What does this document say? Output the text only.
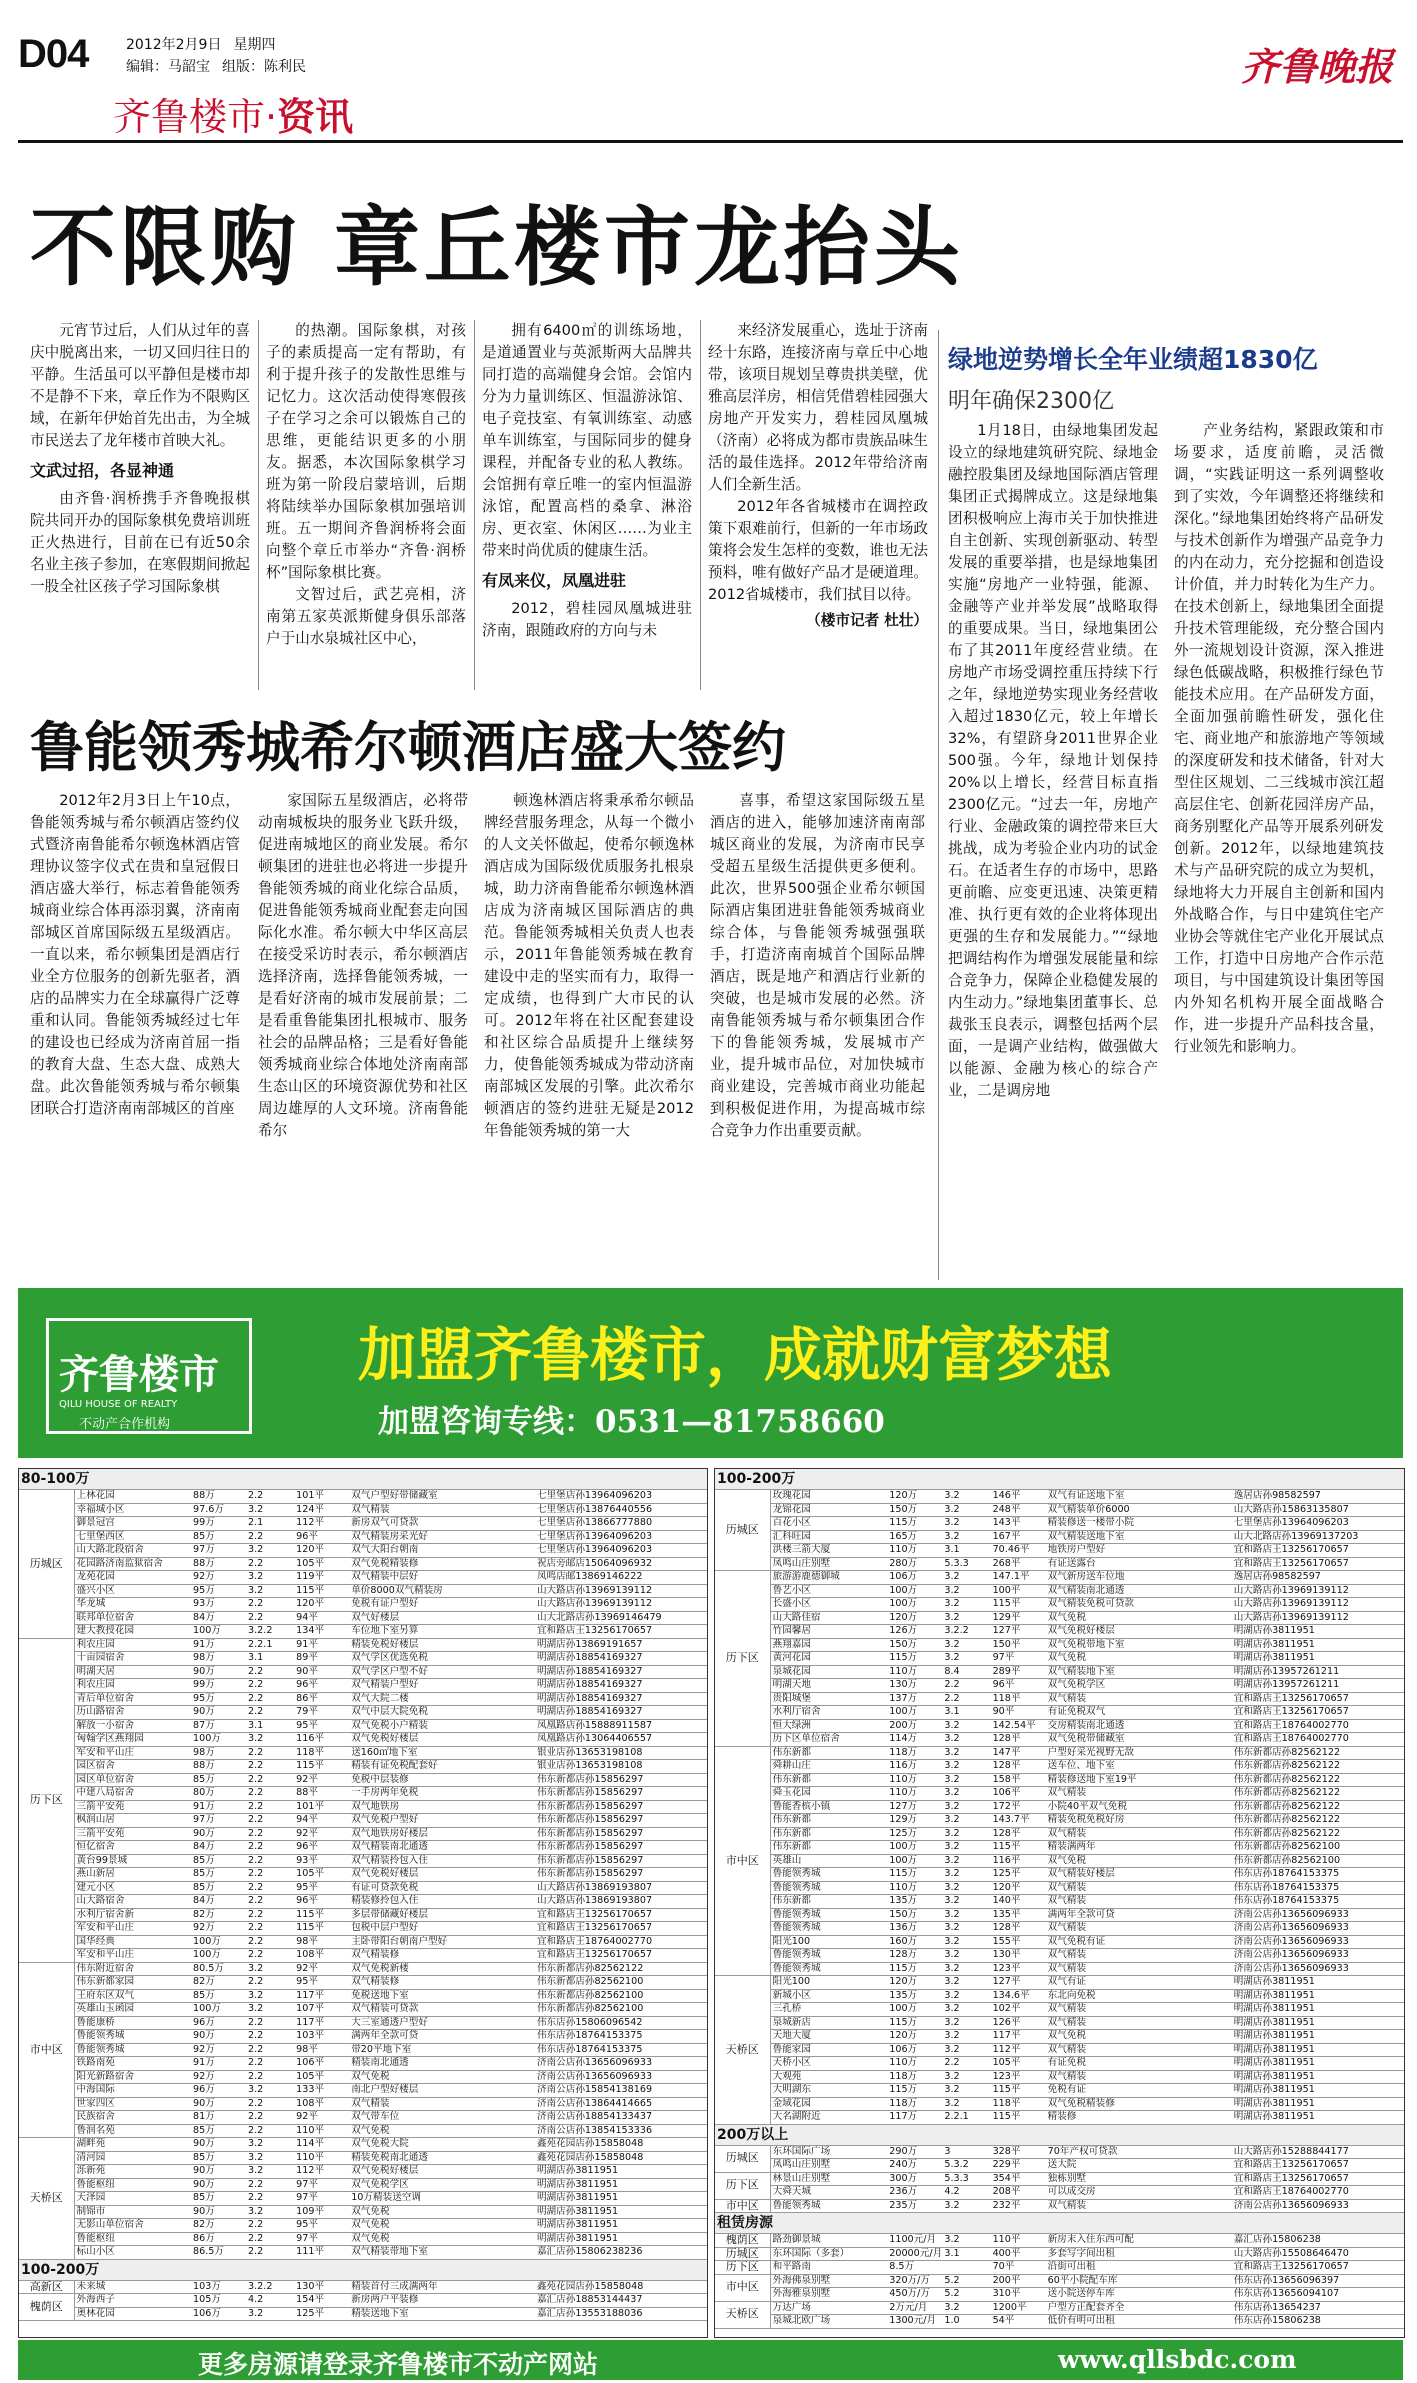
D04	2012年2月9日 星期四
编辑：马韶宝 组版：陈利民	齐鲁晚报
齐鲁楼市·资讯
不限购 章丘楼市龙抬头

元宵节过后，人们从过年的喜庆中脱离出来，一切又回归往日的平静。生活虽可以平静但是楼市却不是静不下来，章丘作为不限购区域，在新年伊始首先出击，为全城市民送去了龙年楼市首映大礼。

文武过招，各显神通

由齐鲁·润桥携手齐鲁晚报棋院共同开办的国际象棋免费培训班正火热进行，目前在已有近50余名业主孩子参加，在寒假期间掀起一股全社区孩子学习国际象棋

的热潮。国际象棋，对孩子的素质提高一定有帮助，有利于提升孩子的发散性思维与记忆力。这次活动使得寒假孩子在学习之余可以锻炼自己的思维，更能结识更多的小朋友。据悉，本次国际象棋学习班为第一阶段启蒙培训，后期将陆续举办国际象棋加强培训班。五一期间齐鲁润桥将会面向整个章丘市举办“齐鲁·润桥杯”国际象棋比赛。

文智过后，武艺亮相，济南第五家英派斯健身俱乐部落户于山水泉城社区中心，

拥有6400㎡的训练场地，是道通置业与英派斯两大品牌共同打造的高端健身会馆。会馆内分为力量训练区、恒温游泳馆、电子竞技室、有氧训练室、动感单车训练室，与国际同步的健身课程，并配备专业的私人教练。会馆拥有章丘唯一的室内恒温游泳馆，配置高档的桑拿、淋浴房、更衣室、休闲区……为业主带来时尚优质的健康生活。

有凤来仪，凤凰进驻

2012，碧桂园凤凰城进驻济南，跟随政府的方向与未

来经济发展重心，选址于济南经十东路，连接济南与章丘中心地带，该项目规划呈尊贵拱美壁，优雅高层洋房，相信凭借碧桂园强大房地产开发实力，碧桂园凤凰城（济南）必将成为都市贵族品味生活的最佳选择。2012年带给济南人们全新生活。

2012年各省城楼市在调控政策下艰难前行，但新的一年市场政策将会发生怎样的变数，谁也无法预料，唯有做好产品才是硬道理。2012省城楼市，我们拭目以待。

（楼市记者 杜壮）
绿地逆势增长全年业绩超1830亿
明年确保2300亿

1月18日，由绿地集团发起设立的绿地建筑研究院、绿地金融控股集团及绿地国际酒店管理集团正式揭牌成立。这是绿地集团积极响应上海市关于加快推进自主创新、实现创新驱动、转型发展的重要举措，也是绿地集团实施“房地产一业特强，能源、金融等产业并举发展”战略取得的重要成果。当日，绿地集团公布了其2011年度经营业绩。在房地产市场受调控重压持续下行之年，绿地逆势实现业务经营收入超过1830亿元，较上年增长32%，有望跻身2011世界企业500强。今年，绿地计划保持20%以上增长，经营目标直指2300亿元。“过去一年，房地产行业、金融政策的调控带来巨大挑战，成为考验企业内功的试金石。在适者生存的市场中，思路更前瞻、应变更迅速、决策更精准、执行更有效的企业将体现出更强的生存和发展能力。”“绿地把调结构作为增强发展能量和综合竞争力，保障企业稳健发展的内生动力。”绿地集团董事长、总裁张玉良表示，调整包括两个层面，一是调产业结构，做强做大以能源、金融为核心的综合产业，二是调房地

产业务结构，紧跟政策和市场要求，适度前瞻，灵活微调，“实践证明这一系列调整收到了实效，今年调整还将继续和深化。”绿地集团始终将产品研发与技术创新作为增强产品竞争力的内在动力，充分挖掘和创造设计价值，并力时转化为生产力。在技术创新上，绿地集团全面提升技术管理能级，充分整合国内外一流规划设计资源，深入推进绿色低碳战略，积极推行绿色节能技术应用。在产品研发方面，全面加强前瞻性研发，强化住宅、商业地产和旅游地产等领域的深度研发和技术储备，针对大型住区规划、二三线城市滨江超高层住宅、创新花园洋房产品，商务别墅化产品等开展系列研发创新。2012年，以绿地建筑技术与产品研究院的成立为契机，绿地将大力开展自主创新和国内外战略合作，与日中建筑住宅产业协会等就住宅产业化开展试点工作，打造中日房地产合作示范项目，与中国建筑设计集团等国内外知名机构开展全面战略合作，进一步提升产品科技含量，行业领先和影响力。

鲁能领秀城希尔顿酒店盛大签约

2012年2月3日上午10点，鲁能领秀城与希尔顿酒店签约仪式暨济南鲁能希尔顿逸林酒店管理协议签字仪式在贵和皇冠假日酒店盛大举行，标志着鲁能领秀城商业综合体再添羽翼，济南南部城区首席国际级五星级酒店。一直以来，希尔顿集团是酒店行业全方位服务的创新先驱者，酒店的品牌实力在全球赢得广泛尊重和认同。鲁能领秀城经过七年的建设也已经成为济南首屈一指的教育大盘、生态大盘、成熟大盘。此次鲁能领秀城与希尔顿集团联合打造济南南部城区的首座

家国际五星级酒店，必将带动南城板块的服务业飞跃升级，促进南城地区的商业发展。希尔顿集团的进驻也必将进一步提升鲁能领秀城的商业化综合品质，促进鲁能领秀城商业配套走向国际化水准。希尔顿大中华区高层在接受采访时表示，希尔顿酒店选择济南，选择鲁能领秀城，一是看好济南的城市发展前景；二是看重鲁能集团扎根城市、服务社会的品牌品格；三是看好鲁能领秀城商业综合体地处济南南部生态山区的环境资源优势和社区周边雄厚的人文环境。济南鲁能希尔

顿逸林酒店将秉承希尔顿品牌经营服务理念，从每一个微小的人文关怀做起，使希尔顿逸林酒店成为国际级优质服务扎根泉城，助力济南鲁能希尔顿逸林酒店成为济南城区国际酒店的典范。鲁能领秀城相关负责人也表示，2011年鲁能领秀城在教育建设中走的坚实而有力，取得一定成绩，也得到广大市民的认可。2012年将在社区配套建设和社区综合品质提升上继续努力，使鲁能领秀城成为带动济南南部城区发展的引擎。此次希尔顿酒店的签约进驻无疑是2012年鲁能领秀城的第一大

喜事，希望这家国际级五星酒店的进入，能够加速济南南部城区商业的发展，为济南市民享受超五星级生活提供更多便利。此次，世界500强企业希尔顿国际酒店集团进驻鲁能领秀城商业综合体，与鲁能领秀城强强联手，打造济南南城首个国际品牌酒店，既是地产和酒店行业新的突破，也是城市发展的必然。济南鲁能领秀城与希尔顿集团合作下的鲁能领秀城，发展城市产业，提升城市品位，对加快城市商业建设，完善城市商业功能起到积极促进作用，为提高城市综合竞争力作出重要贡献。

齐鲁楼市
QILU HOUSE OF REALTY
不动产合作机构
加盟齐鲁楼市，成就财富梦想
加盟咨询专线：0531—81758660
80-100万						
历城区	上林花园	88万	2.2	101平	双气户型好带储藏室	七里堡店孙13964096203
	幸福城小区	97.6万	3.2	124平	双气精装	七里堡店孙13876440556
	御景冠宫	99万	2.1	112平	新房双气可贷款	七里堡店孙13866777880
	七里堡西区	85万	2.2	96平	双气精装房采光好	七里堡店孙13964096203
	山大路北段宿舍	97万	3.2	120平	双气大阳台朝南	七里堡店孙13964096203
	花园路济南监狱宿舍	88万	2.2	105平	双气免税精装修	祝店旁邮店15064096932
	龙苑花园	92万	3.2	119平	双气精装中层好	凤鸣店邮13869146222
	盛兴小区	95万	3.2	115平	单价8000双气精装房	山大路店孙13969139112
	华龙城	93万	2.2	120平	免税有证户型好	山大路店孙13969139112
	联邦单位宿舍	84万	2.2	94平	双气好楼层	山大北路店孙13969146479
	建大教授花园	100万	3.2.2	134平	车位地下室另算	宜和路店王13256170657
历下区	利农庄园	91万	2.2.1	91平	精装免税好楼层	明湖店孙13869191657
	十亩园宿舍	98万	3.1	89平	双气学区优选免税	明湖店孙18854169327
	明湖天居	90万	2.2	90平	双气学区户型不好	明湖店孙18854169327
	利农庄园	99万	2.2	96平	双气精装户型好	明湖店孙18854169327
	青后单位宿舍	95万	2.2	86平	双气大院二楼	明湖店孙18854169327
	历山路宿舍	90万	2.2	79平	双气中层大院免税	明湖店孙18854169327
	解放一小宿舍	87万	3.1	95平	双气免税小户精装	凤凰路店孙15888911587
	匈翰学区燕翔园	100万	3.2	116平	双气免税好楼层	凤凰路店孙13064406557
	军安和平山庄	98万	2.2	118平	送160㎡地下室	银业店孙13653198108
	园区宿舍	88万	2.2	115平	精装有证免税配套好	银业店孙13653198108
	园区单位宿舍	85万	2.2	92平	免税中层装修	伟东新都店孙15856297
	中建八局宿舍	80万	2.2	88平	一手房两年免税	伟东新都店孙15856297
	三箭平安苑	91万	2.2	101平	双气地铁房	伟东新都店孙15856297
	枫润山居	97万	2.2	94平	双气免税户型好	伟东新都店孙15856297
	三箭平安苑	90万	2.2	92平	双气地铁房好楼层	伟东新都店孙15856297
	恒亿宿舍	84万	2.2	96平	双气精装南北通透	伟东新都店孙15856297
	黄台99景城	85万	2.2	93平	双气精装拎包入住	伟东新都店孙15856297
	燕山新居	85万	2.2	105平	双气免税好楼层	伟东新都店孙15856297
	建元小区	85万	2.2	95平	有证可贷款免税	山大路店孙13869193807
	山大路宿舍	84万	2.2	96平	精装修拎包入住	山大路店孙13869193807
	水利厅宿舍新	82万	2.2	115平	多层带储藏好楼层	宜和路店王13256170657
	军安和平山庄	92万	2.2	115平	包税中层户型好	宜和路店王13256170657
	国华经典	100万	2.2	98平	主卧带阳台朝南户型好	宜和路店王18764002770
	军安和平山庄	100万	2.2	108平	双气精装修	宜和路店王13256170657
市中区	伟东附近宿舍	80.5万	3.2	92平	双气免税新楼	伟东新都店孙82562122
	伟东新都家园	82万	2.2	95平	双气精装修	伟东新都店孙82562100
	王府东区双气	85万	3.2	117平	免税送地下室	伟东新都店孙82562100
	英雄山玉函园	100万	3.2	107平	双气精装可贷款	伟东新都店孙82562100
	鲁能康桥	96万	2.2	117平	大三室通透户型好	伟东店孙15806096542
	鲁能领秀城	90万	2.2	103平	满两年全款可贷	伟东店孙18764153375
	鲁能领秀城	92万	2.2	98平	带20平地下室	伟东店孙18764153375
	铁路南苑	91万	2.2	106平	精装南北通透	济南公店孙13656096933
	阳光新路宿舍	92万	2.2	105平	双气免税	济南公店孙13656096933
	中海国际	96万	3.2	133平	南北户型好楼层	济南公店孙15854138169
	世家四区	90万	2.2	108平	双气精装	济南公店孙13864414665
	民族宿舍	81万	2.2	92平	双气带车位	济南公店孙18854133437
	鲁润名苑	85万	2.2	110平	双气免税	济南公店孙13854153336
天桥区	湖畔苑	90万	3.2	114平	双气免税大院	鑫苑花园店孙15858048
	清河园	85万	3.2	110平	精装免税南北通透	鑫苑花园店孙15858048
	泺新苑	90万	3.2	112平	双气免税好楼层	明湖店孙3811951
	鲁能枢纽	90万	2.2	97平	双气免税学区	明湖店孙3811951
	天泽园	85万	2.2	97平	10万精装送空调	明湖店孙3811951
	制锦市	90万	3.2	109平	双气免税	明湖店孙3811951
	无影山单位宿舍	82万	2.2	95平	双气免税	明湖店孙3811951
	鲁能枢纽	86万	2.2	97平	双气免税	明湖店孙3811951
	标山小区	86.5万	2.2	111平	双气精装带地下室	嘉汇店孙15806238236
100-200万						
高新区	未来城	103万	3.2.2	130平	精装首付三成满两年	鑫苑花园店孙15858048
槐荫区	外海西子	105万	4.2	154平	新房两户平装修	嘉汇店孙18853144437
	奥林花园	106万	3.2	125平	精装送地下室	嘉汇店孙13553188036
100-200万						
历城区	玫瑰花园	120万	3.2	146平	双气有证送地下室	逸居店孙98582597
	龙锦花园	150万	3.2	248平	双气精装单价6000	山大路店孙15863135807
	百花小区	115万	3.2	143平	精装修送一楼带小院	七里堡店孙13964096203
	汇科旺园	165万	3.2	167平	双气精装送地下室	山大北路店孙13969137203
	洪楼三箭大厦	110万	3.1	70.46平	地铁房户型好	宜和路店王13256170657
	凤鸣山庄别墅	280万	5.3.3	268平	有证送露台	宜和路店王13256170657
历下区	旅游游鹿德御城	106万	3.2	147.1平	双气新房送车位地	逸居店孙98582597
	鲁艺小区	100万	3.2	100平	双气精装南北通透	山大路店孙13969139112
	长盛小区	100万	3.2	115平	双气精装免税可贷款	山大路店孙13969139112
	山大路佳宿	120万	3.2	129平	双气免税	山大路店孙13969139112
	竹园馨居	126万	3.2.2	127平	双气免税好楼层	明湖店孙3811951
	燕翔嘉园	150万	3.2	150平	双气免税带地下室	明湖店孙3811951
	黄河花园	115万	3.2	97平	双气免税	明湖店孙3811951
	泉城花园	110万	8.4	289平	双气精装地下室	明湖店孙13957261211
	明湖天地	130万	2.2	96平	双气免税学区	明湖店孙13957261211
	贵阳城堡	137万	2.2	118平	双气精装	宜和路店王13256170657
	水利厅宿舍	100万	3.1	90平	有证免税双气	宜和路店王13256170657
	恒大绿洲	200万	3.2	142.54平	交房精装南北通透	宜和路店王18764002770
	历下区单位宿舍	114万	3.2	128平	双气免税带储藏室	宜和路店王18764002770
市中区	伟东新都	118万	3.2	147平	户型好采光视野无敌	伟东新都店孙82562122
	舜耕山庄	116万	3.2	128平	送车位、地下室	伟东新都店孙82562122
	伟东新都	110万	3.2	158平	精装修送地下室19平	伟东新都店孙82562122
	舜玉花园	110万	3.2	106平	双气精装	伟东新都店孙82562122
	鲁能香槟小镇	127万	3.2	172平	小院40平双气免税	伟东新都店孙82562122
	伟东新都	129万	3.2	143.7平	精装免税免税好房	伟东新都店孙82562122
	伟东新都	125万	3.2	128平	双气精装	伟东新都店孙82562122
	伟东新都	100万	3.2	115平	精装满两年	伟东新都店孙82562100
	英雄山	100万	3.2	116平	双气免税	伟东新都店孙82562100
	鲁能领秀城	115万	3.2	125平	双气精装好楼层	伟东店孙18764153375
	鲁能领秀城	110万	3.2	120平	双气精装	伟东店孙18764153375
	伟东新都	135万	3.2	140平	双气精装	伟东店孙18764153375
	鲁能领秀城	150万	3.2	135平	满两年全款可贷	济南公店孙13656096933
	鲁能领秀城	136万	3.2	128平	双气精装	济南公店孙13656096933
	阳光100	160万	3.2	155平	双气免税有证	济南公店孙13656096933
	鲁能领秀城	128万	3.2	130平	双气精装	济南公店孙13656096933
	鲁能领秀城	115万	3.2	123平	双气精装	济南公店孙13656096933
天桥区	阳光100	120万	3.2	127平	双气有证	明湖店孙3811951
	新城小区	135万	3.2	134.6平	东北向免税	明湖店孙3811951
	三孔桥	100万	3.2	102平	双气精装	明湖店孙3811951
	泉城新店	115万	3.2	126平	双气精装	明湖店孙3811951
	天地大厦	120万	3.2	117平	双气免税	明湖店孙3811951
	鲁能家园	106万	3.2	112平	双气精装	明湖店孙3811951
	天桥小区	110万	2.2	105平	有证免税	明湖店孙3811951
	大观苑	118万	3.2	123平	双气精装	明湖店孙3811951
	大明湖东	115万	3.2	115平	免税有证	明湖店孙3811951
	金域花园	118万	3.2	118平	双气免税精装修	明湖店孙3811951
	大名湖附近	117万	2.2.1	115平	精装修	明湖店孙3811951
200万以上						
历城区	东环国际广场	290万	3	328平	70年产权可贷款	山大路店孙15288844177
	凤鸣山庄别墅	240万	5.3.2	229平	送大院	宜和路店王13256170657
历下区	林景山庄别墅	300万	5.3.3	354平	独栋别墅	宜和路店王13256170657
	大舜天城	236万	4.2	208平	可以成交房	宜和路店王18764002770
市中区	鲁能领秀城	235万	3.2	232平	双气精装	济南公店孙13656096933
租赁房源						
槐荫区	路劲御景城	1100元/月	3.2	110平	新房末入住东西可配	嘉汇店孙15806238
历城区	东环国际（多套）	20000元/月	3.1	400平	多套写字间出租	山大路店孙15508646470
历下区	和平路南	8.5万		70平	沿街可出租	宜和路店王13256170657
市中区	外海佛泉别墅	320万/万	5.2	200平	60平小院配车库	伟东店孙13656096397
	外海雅泉别墅	450万/万	5.2	310平	送小院送停车库	伟东店孙13656094107
天桥区	万达广场	2万元/月	3.2	1200平	户型方正配套齐全	伟东店孙13654237
	泉城北欧广场	1300元/月	1.0	54平	低价有明可出租	伟东店孙15806238
更多房源请登录齐鲁楼市不动产网站	www.qllsbdc.com
